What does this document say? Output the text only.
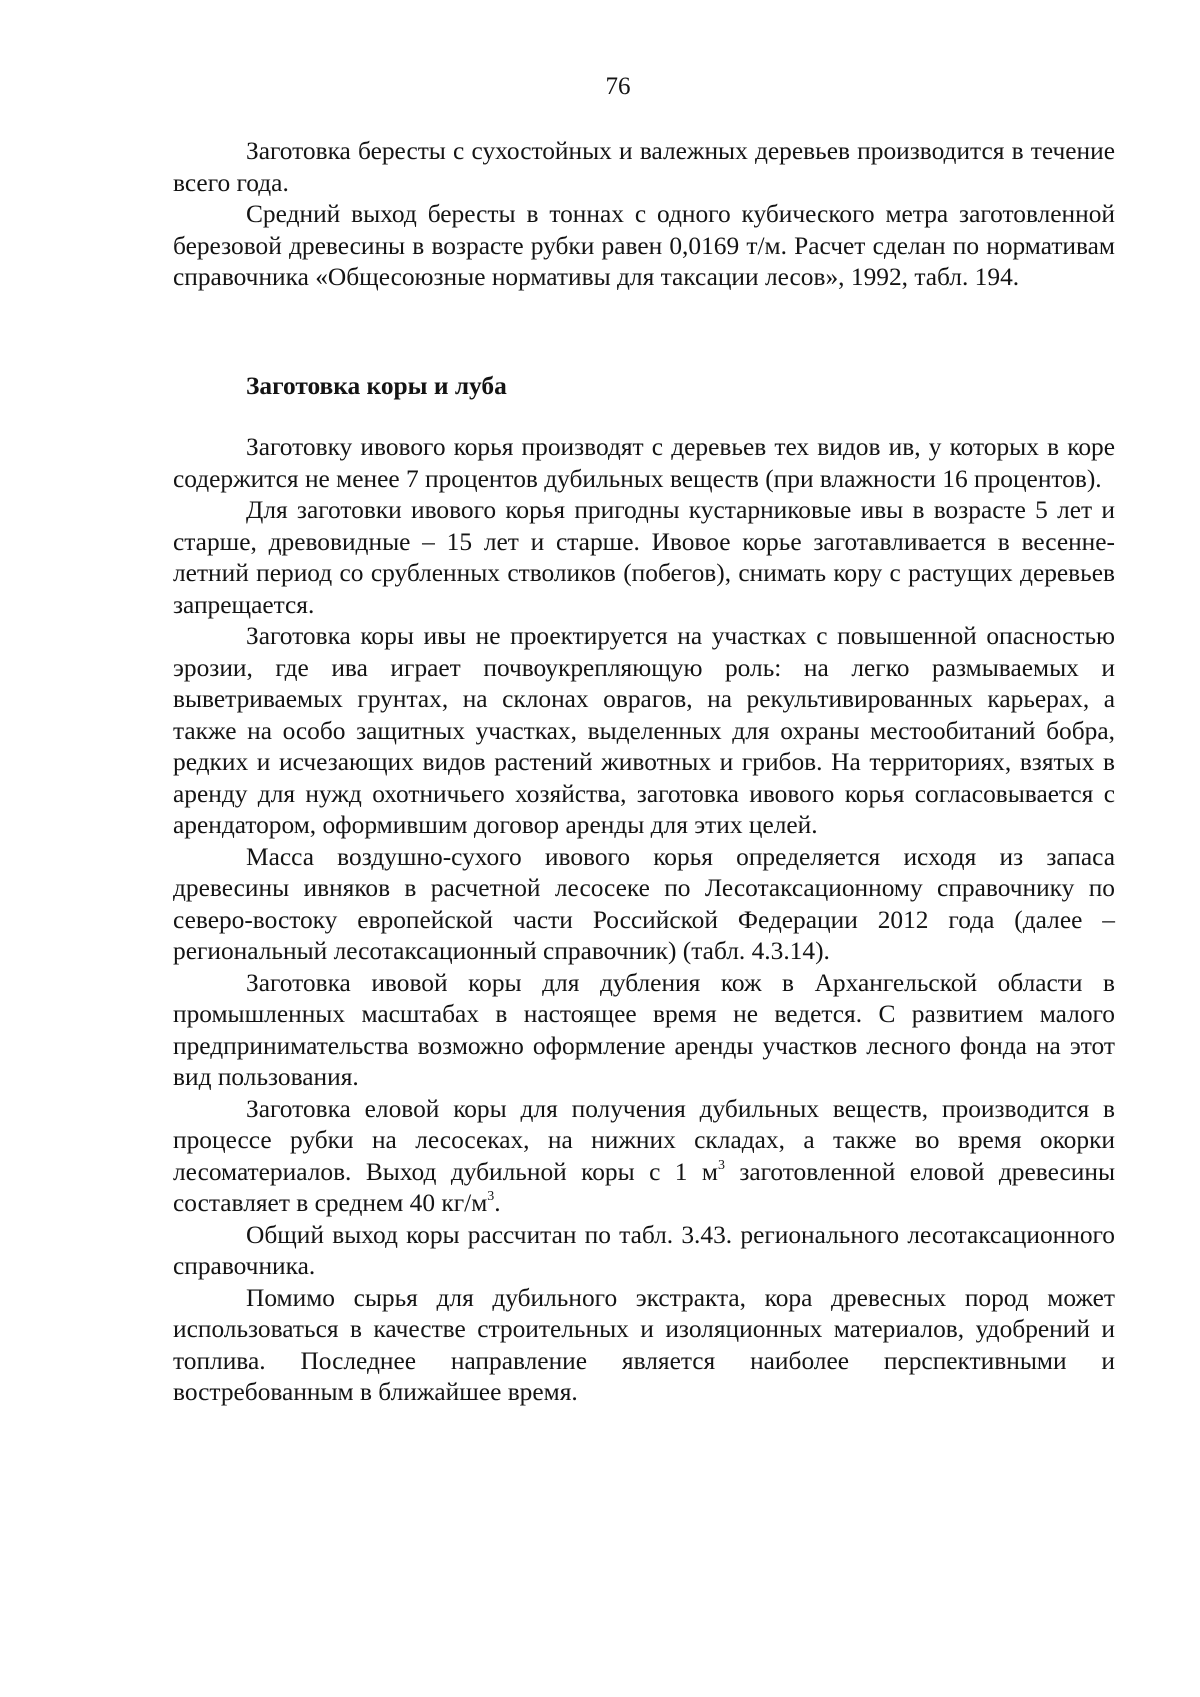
76

Заготовка бересты с сухостойных и валежных деревьев производится в течение всего года.

Средний выход бересты в тоннах с одного кубического метра заготовленной березовой древесины в возрасте рубки равен 0,0169 т/м. Расчет сделан по нормативам справочника «Общесоюзные нормативы для таксации лесов», 1992, табл. 194.

Заготовка коры и луба

Заготовку ивового корья производят с деревьев тех видов ив, у которых в коре содержится не менее 7 процентов дубильных веществ (при влажности 16 процентов).

Для заготовки ивового корья пригодны кустарниковые ивы в возрасте 5 лет и старше, древовидные – 15 лет и старше. Ивовое корье заготавливается в весенне-летний период со срубленных стволиков (побегов), снимать кору с растущих деревьев запрещается.

Заготовка коры ивы не проектируется на участках с повышенной опасностью эрозии, где ива играет почвоукрепляющую роль: на легко размываемых и выветриваемых грунтах, на склонах оврагов, на рекультивированных карьерах, а также на особо защитных участках, выделенных для охраны местообитаний бобра, редких и исчезающих видов растений животных и грибов. На территориях, взятых в аренду для нужд охотничьего хозяйства, заготовка ивового корья согласовывается с арендатором, оформившим договор аренды для этих целей.

Масса воздушно-сухого ивового корья определяется исходя из запаса древесины ивняков в расчетной лесосеке по Лесотаксационному справочнику по северо-востоку европейской части Российской Федерации 2012 года (далее – региональный лесотаксационный справочник) (табл. 4.3.14).

Заготовка ивовой коры для дубления кож в Архангельской области в промышленных масштабах в настоящее время не ведется. С развитием малого предпринимательства возможно оформление аренды участков лесного фонда на этот вид пользования.

Заготовка еловой коры для получения дубильных веществ, производится в процессе рубки на лесосеках, на нижних складах, а также во время окорки лесоматериалов. Выход дубильной коры с 1 $м^3$ заготовленной еловой древесины составляет в среднем 40 $кг/м^3$.

Общий выход коры рассчитан по табл. 3.43. регионального лесотаксационного справочника.

Помимо сырья для дубильного экстракта, кора древесных пород может использоваться в качестве строительных и изоляционных материалов, удобрений и топлива. Последнее направление является наиболее перспективными и востребованным в ближайшее время.
